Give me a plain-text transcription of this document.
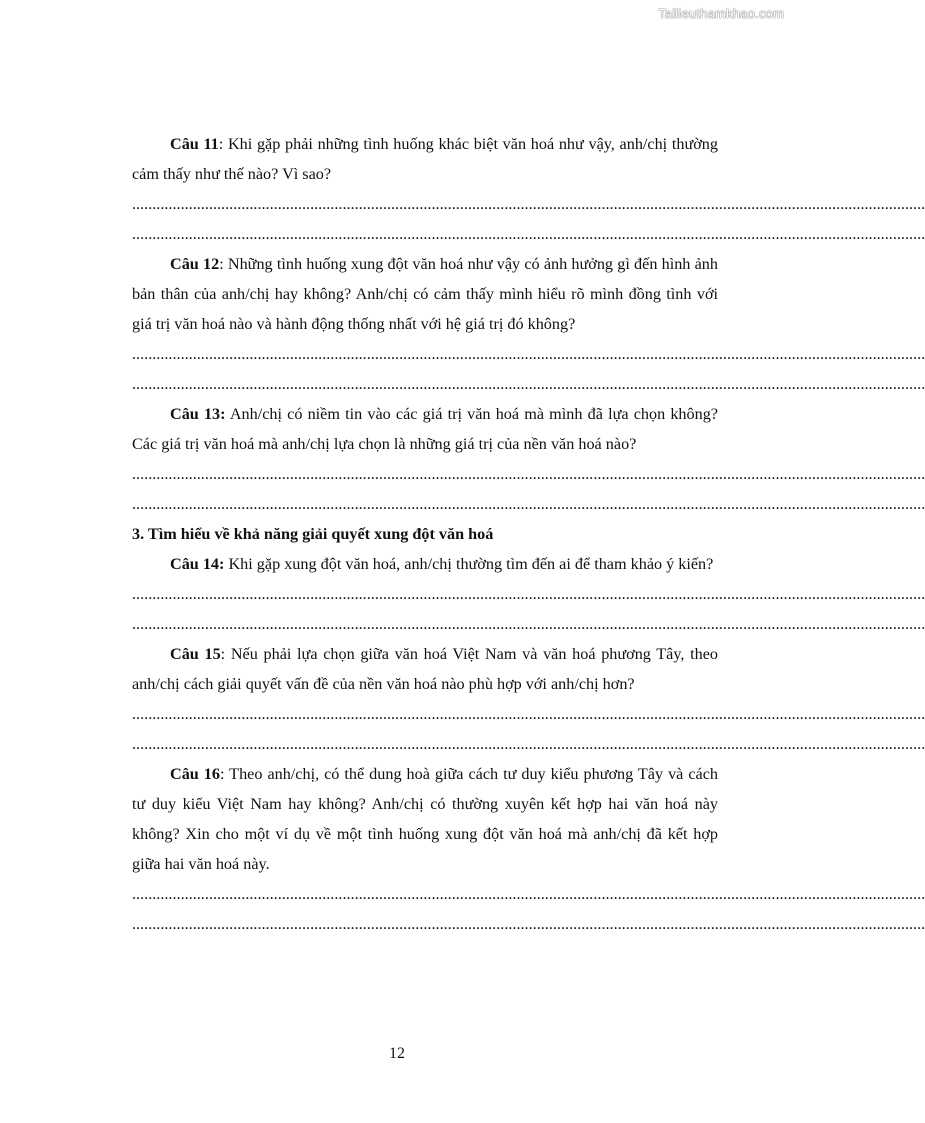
Tailieuthamkhao.com

Câu 11: Khi gặp phải những tình huống khác biệt văn hoá như vậy, anh/chị thường cảm thấy như thế nào? Vì sao?

....................................................................................................................................................................................................
....................................................................................................................................................................................................

Câu 12: Những tình huống xung đột văn hoá như vậy có ảnh hưởng gì đến hình ảnh bản thân của anh/chị hay không? Anh/chị có cảm thấy mình hiểu rõ mình đồng tình với giá trị văn hoá nào và hành động thống nhất với hệ giá trị đó không?

....................................................................................................................................................................................................
....................................................................................................................................................................................................

Câu 13: Anh/chị có niềm tin vào các giá trị văn hoá mà mình đã lựa chọn không? Các giá trị văn hoá mà anh/chị lựa chọn là những giá trị của nền văn hoá nào?

....................................................................................................................................................................................................
....................................................................................................................................................................................................

3. Tìm hiểu về khả năng giải quyết xung đột văn hoá

Câu 14: Khi gặp xung đột văn hoá, anh/chị thường tìm đến ai để tham khảo ý kiến?

....................................................................................................................................................................................................
....................................................................................................................................................................................................

Câu 15: Nếu phải lựa chọn giữa văn hoá Việt Nam và văn hoá phương Tây, theo anh/chị cách giải quyết vấn đề của nền văn hoá nào phù hợp với anh/chị hơn?

....................................................................................................................................................................................................
....................................................................................................................................................................................................

Câu 16: Theo anh/chị, có thể dung hoà giữa cách tư duy kiểu phương Tây và cách tư duy kiểu Việt Nam hay không? Anh/chị có thường xuyên kết hợp hai văn hoá này không? Xin cho một ví dụ về một tình huống xung đột văn hoá mà anh/chị đã kết hợp giữa hai văn hoá này.

....................................................................................................................................................................................................
....................................................................................................................................................................................................
12
